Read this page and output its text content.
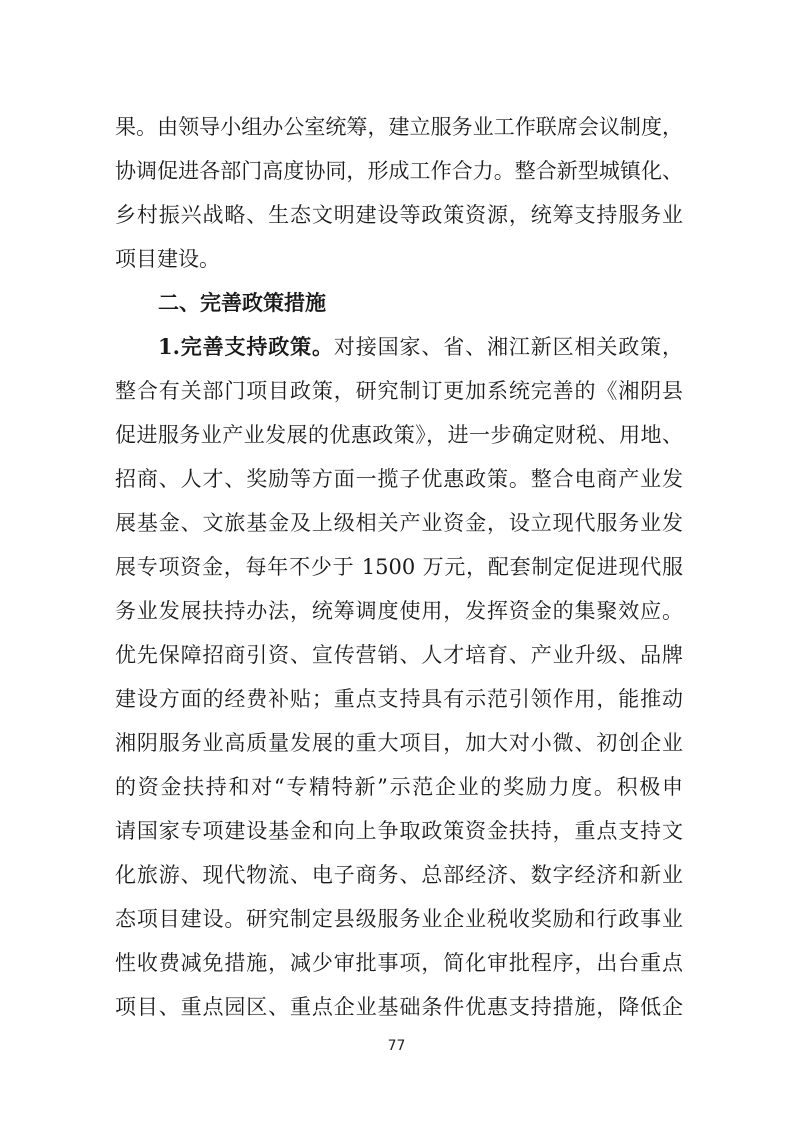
果。由领导小组办公室统筹，建立服务业工作联席会议制度，
协调促进各部门高度协同，形成工作合力。整合新型城镇化、
乡村振兴战略、生态文明建设等政策资源，统筹支持服务业
项目建设。
二、完善政策措施
1.完善支持政策。对接国家、省、湘江新区相关政策，
整合有关部门项目政策，研究制订更加系统完善的《湘阴县
促进服务业产业发展的优惠政策》，进一步确定财税、用地、
招商、人才、奖励等方面一揽子优惠政策。整合电商产业发
展基金、文旅基金及上级相关产业资金，设立现代服务业发
展专项资金，每年不少于 1500 万元，配套制定促进现代服
务业发展扶持办法，统筹调度使用，发挥资金的集聚效应。
优先保障招商引资、宣传营销、人才培育、产业升级、品牌
建设方面的经费补贴；重点支持具有示范引领作用，能推动
湘阴服务业高质量发展的重大项目，加大对小微、初创企业
的资金扶持和对“专精特新”示范企业的奖励力度。积极申
请国家专项建设基金和向上争取政策资金扶持，重点支持文
化旅游、现代物流、电子商务、总部经济、数字经济和新业
态项目建设。研究制定县级服务业企业税收奖励和行政事业
性收费减免措施，减少审批事项，简化审批程序，出台重点
项目、重点园区、重点企业基础条件优惠支持措施，降低企
77
